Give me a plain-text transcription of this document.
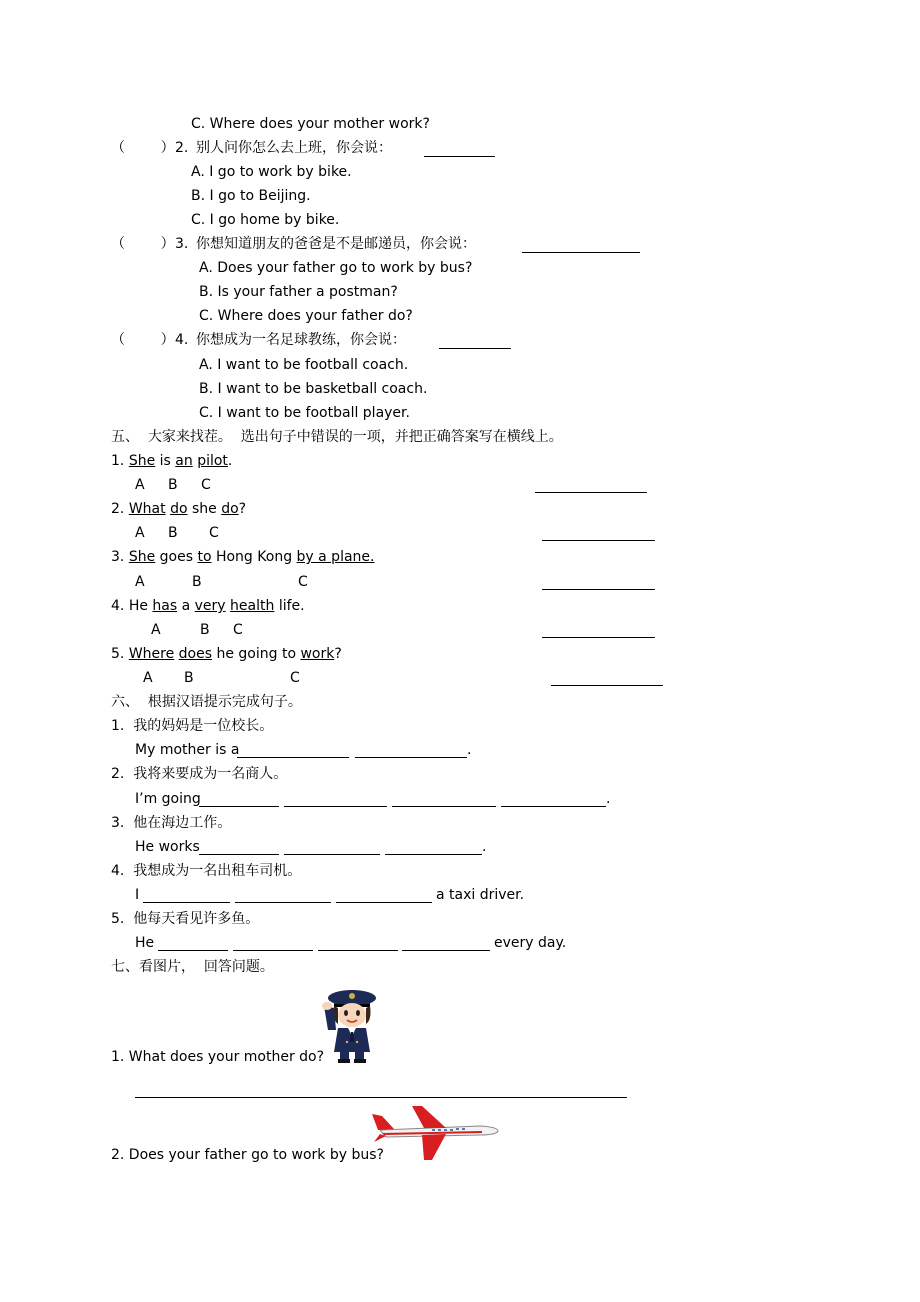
C. Where does your mother work?
（        ） 2. 别人问你怎么去上班，你会说：
A. I go to work by bike.
B. I go to Beijing.
C. I go home by bike.
（        ） 3. 你想知道朋友的爸爸是不是邮递员，你会说：
A. Does your father go to work by bus?
B. Is your father a postman?
C. Where does your father do?
（        ） 4. 你想成为一名足球教练，你会说：
A. I want to be football coach.
B. I want to be basketball coach.
C. I want to be football player.
五、  大家来找茬。  选出句子中错误的一项，并把正确答案写在横线上。
1. She is an pilot.
A B C
2. What do she do?
A B C
3. She goes to Hong Kong by a plane.
A	B	C
4. He has a very health life.
A	B C
5. Where does he going to work?
A B	C
六、  根据汉语提示完成句子。
1.  我的妈妈是一位校长。
My mother is a	.
2.  我将来要成为一名商人。
I’m going	.
3.  他在海边工作。
He works	.
4.  我想成为一名出租车司机。
I	a taxi driver.
5.  他每天看见许多鱼。
He	every day.
七、看图片，  回答问题。
1. What does your mother do?
2. Does your father go to work by bus?
